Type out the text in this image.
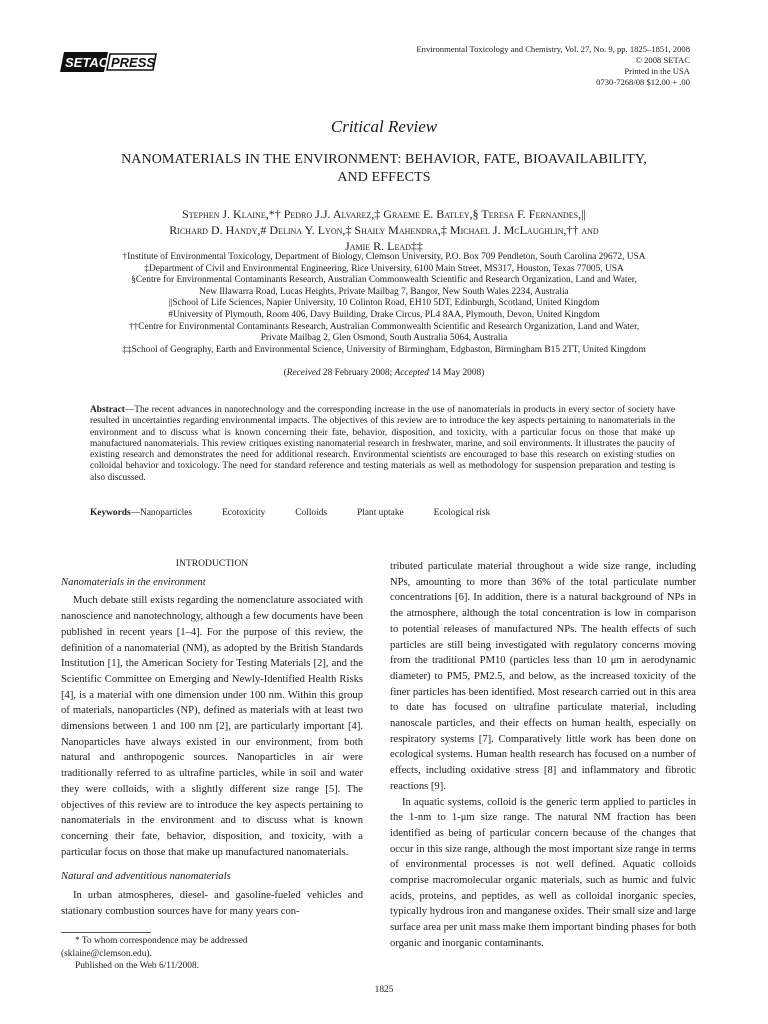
SETAC PRESS
Environmental Toxicology and Chemistry, Vol. 27, No. 9, pp. 1825–1851, 2008
© 2008 SETAC
Printed in the USA
0730-7268/08 $12.00 + .00
Critical Review
NANOMATERIALS IN THE ENVIRONMENT: BEHAVIOR, FATE, BIOAVAILABILITY,
AND EFFECTS
Stephen J. Klaine,*† Pedro J.J. Alvarez,‡ Graeme E. Batley,§ Teresa F. Fernandes,||
Richard D. Handy,# Delina Y. Lyon,‡ Shaily Mahendra,‡ Michael J. McLaughlin,†† and
Jamie R. Lead‡‡
†Institute of Environmental Toxicology, Department of Biology, Clemson University, P.O. Box 709 Pendleton, South Carolina 29672, USA
‡Department of Civil and Environmental Engineering, Rice University, 6100 Main Street, MS317, Houston, Texas 77005, USA
§Centre for Environmental Contaminants Research, Australian Commonwealth Scientific and Research Organization, Land and Water,
New Illawarra Road, Lucas Heights, Private Mailbag 7, Bangor, New South Wales 2234, Australia
||School of Life Sciences, Napier University, 10 Colinton Road, EH10 5DT, Edinburgh, Scotland, United Kingdom
#University of Plymouth, Room 406, Davy Building, Drake Circus, PL4 8AA, Plymouth, Devon, United Kingdom
††Centre for Environmental Contaminants Research, Australian Commonwealth Scientific and Research Organization, Land and Water,
Private Mailbag 2, Glen Osmond, South Australia 5064, Australia
‡‡School of Geography, Earth and Environmental Science, University of Birmingham, Edgbaston, Birmingham B15 2TT, United Kingdom
(Received 28 February 2008; Accepted 14 May 2008)
Abstract—The recent advances in nanotechnology and the corresponding increase in the use of nanomaterials in products in every sector of society have resulted in uncertainties regarding environmental impacts. The objectives of this review are to introduce the key aspects pertaining to nanomaterials in the environment and to discuss what is known concerning their fate, behavior, disposition, and toxicity, with a particular focus on those that make up manufactured nanomaterials. This review critiques existing nanomaterial research in freshwater, marine, and soil environments. It illustrates the paucity of existing research and demonstrates the need for additional research. Environmental scientists are encouraged to base this research on existing studies on colloidal behavior and toxicology. The need for standard reference and testing materials as well as methodology for suspension preparation and testing is also discussed.
Keywords—Nanoparticles	Ecotoxicity	Colloids	Plant uptake	Ecological risk

INTRODUCTION

Nanomaterials in the environment

Much debate still exists regarding the nomenclature associated with nanoscience and nanotechnology, although a few documents have been published in recent years [1–4]. For the purpose of this review, the definition of a nanomaterial (NM), as adopted by the British Standards Institution [1], the American Society for Testing Materials [2], and the Scientific Committee on Emerging and Newly-Identified Health Risks [4], is a material with one dimension under 100 nm. Within this group of materials, nanoparticles (NP), defined as materials with at least two dimensions between 1 and 100 nm [2], are particularly important [4]. Nanoparticles have always existed in our environment, from both natural and anthropogenic sources. Nanoparticles in air were traditionally referred to as ultrafine particles, while in soil and water they were colloids, with a slightly different size range [5]. The objectives of this review are to introduce the key aspects pertaining to nanomaterials in the environment and to discuss what is known concerning their fate, behavior, disposition, and toxicity, with a particular focus on those that make up manufactured nanomaterials.

Natural and adventitious nanomaterials

In urban atmospheres, diesel- and gasoline-fueled vehicles and stationary combustion sources have for many years con-

tributed particulate material throughout a wide size range, including NPs, amounting to more than 36% of the total particulate number concentrations [6]. In addition, there is a natural background of NPs in the atmosphere, although the total concentration is low in comparison to potential releases of manufactured NPs. The health effects of such particles are still being investigated with regulatory concerns moving from the traditional PM10 (particles less than 10 μm in aerodynamic diameter) to PM5, PM2.5, and below, as the increased toxicity of the finer particles has been identified. Most research carried out in this area to date has focused on ultrafine particulate material, including nanoscale particles, and their effects on human health, especially on respiratory systems [7]. Comparatively little work has been done on ecological systems. Human health research has focused on a number of effects, including oxidative stress [8] and inflammatory and fibrotic reactions [9].

In aquatic systems, colloid is the generic term applied to particles in the 1-nm to 1-μm size range. The natural NM fraction has been identified as being of particular concern because of the changes that occur in this size range, although the most important size range in terms of environmental processes is not well defined. Aquatic colloids comprise macromolecular organic materials, such as humic and fulvic acids, proteins, and peptides, as well as colloidal inorganic species, typically hydrous iron and manganese oxides. Their small size and large surface area per unit mass make them important binding phases for both organic and inorganic contaminants.

* To whom correspondence may be addressed
(sklaine@clemson.edu).
Published on the Web 6/11/2008.
1825
